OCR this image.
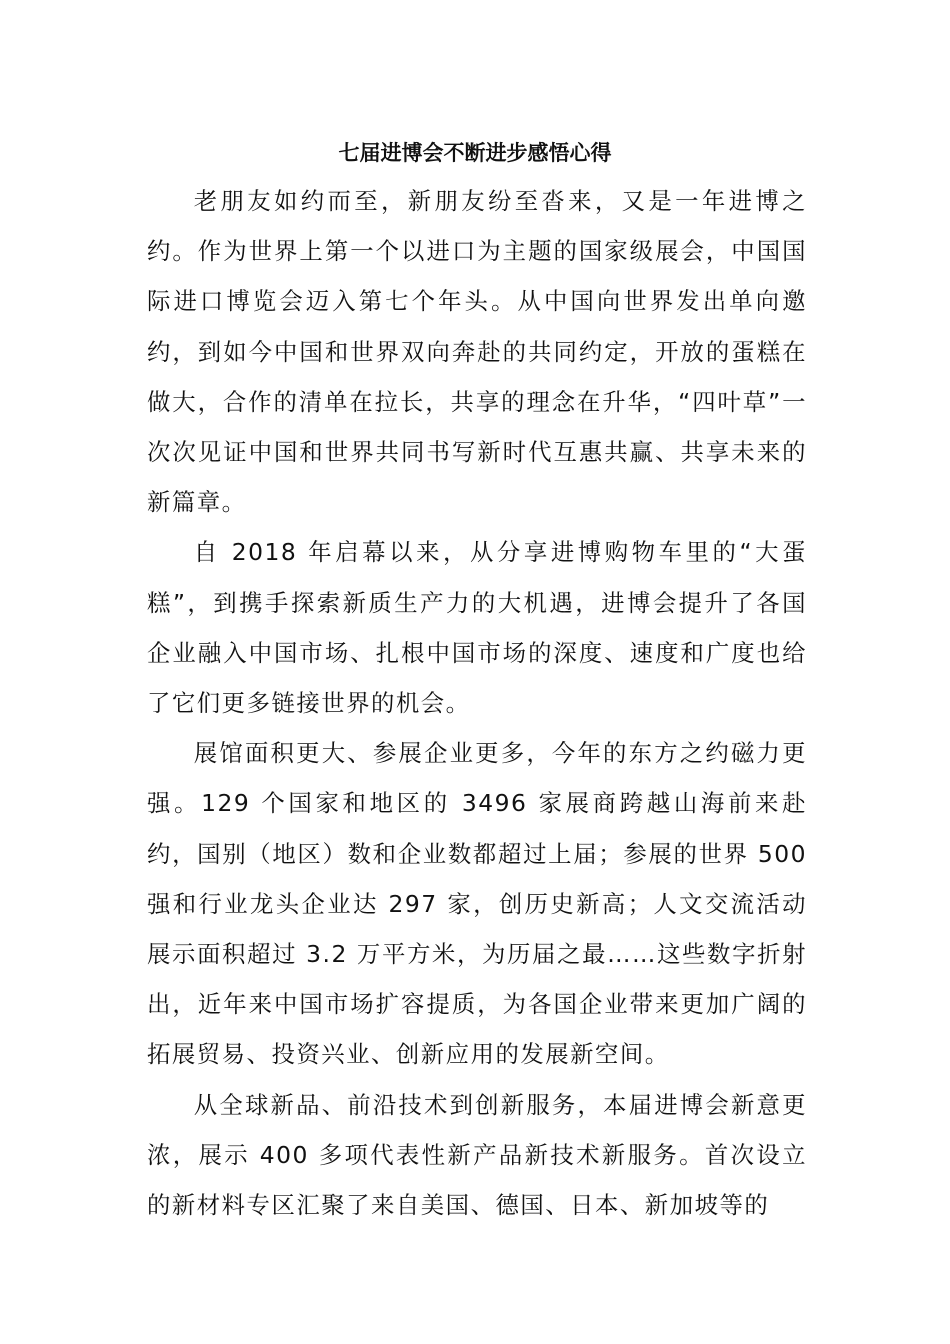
七届进博会不断进步感悟心得

老朋友如约而至，新朋友纷至沓来，又是一年进博之约。作为世界上第一个以进口为主题的国家级展会，中国国际进口博览会迈入第七个年头。从中国向世界发出单向邀约，到如今中国和世界双向奔赴的共同约定，开放的蛋糕在做大，合作的清单在拉长，共享的理念在升华，“四叶草”一次次见证中国和世界共同书写新时代互惠共赢、共享未来的新篇章。

自 2018 年启幕以来，从分享进博购物车里的“大蛋糕”，到携手探索新质生产力的大机遇，进博会提升了各国企业融入中国市场、扎根中国市场的深度、速度和广度也给了它们更多链接世界的机会。

展馆面积更大、参展企业更多，今年的东方之约磁力更强。129 个国家和地区的 3496 家展商跨越山海前来赴约，国别（地区）数和企业数都超过上届；参展的世界 500 强和行业龙头企业达 297 家，创历史新高；人文交流活动展示面积超过 3.2 万平方米，为历届之最……这些数字折射出，近年来中国市场扩容提质，为各国企业带来更加广阔的拓展贸易、投资兴业、创新应用的发展新空间。

从全球新品、前沿技术到创新服务，本届进博会新意更浓，展示 400 多项代表性新产品新技术新服务。首次设立的新材料专区汇聚了来自美国、德国、日本、新加坡等的
